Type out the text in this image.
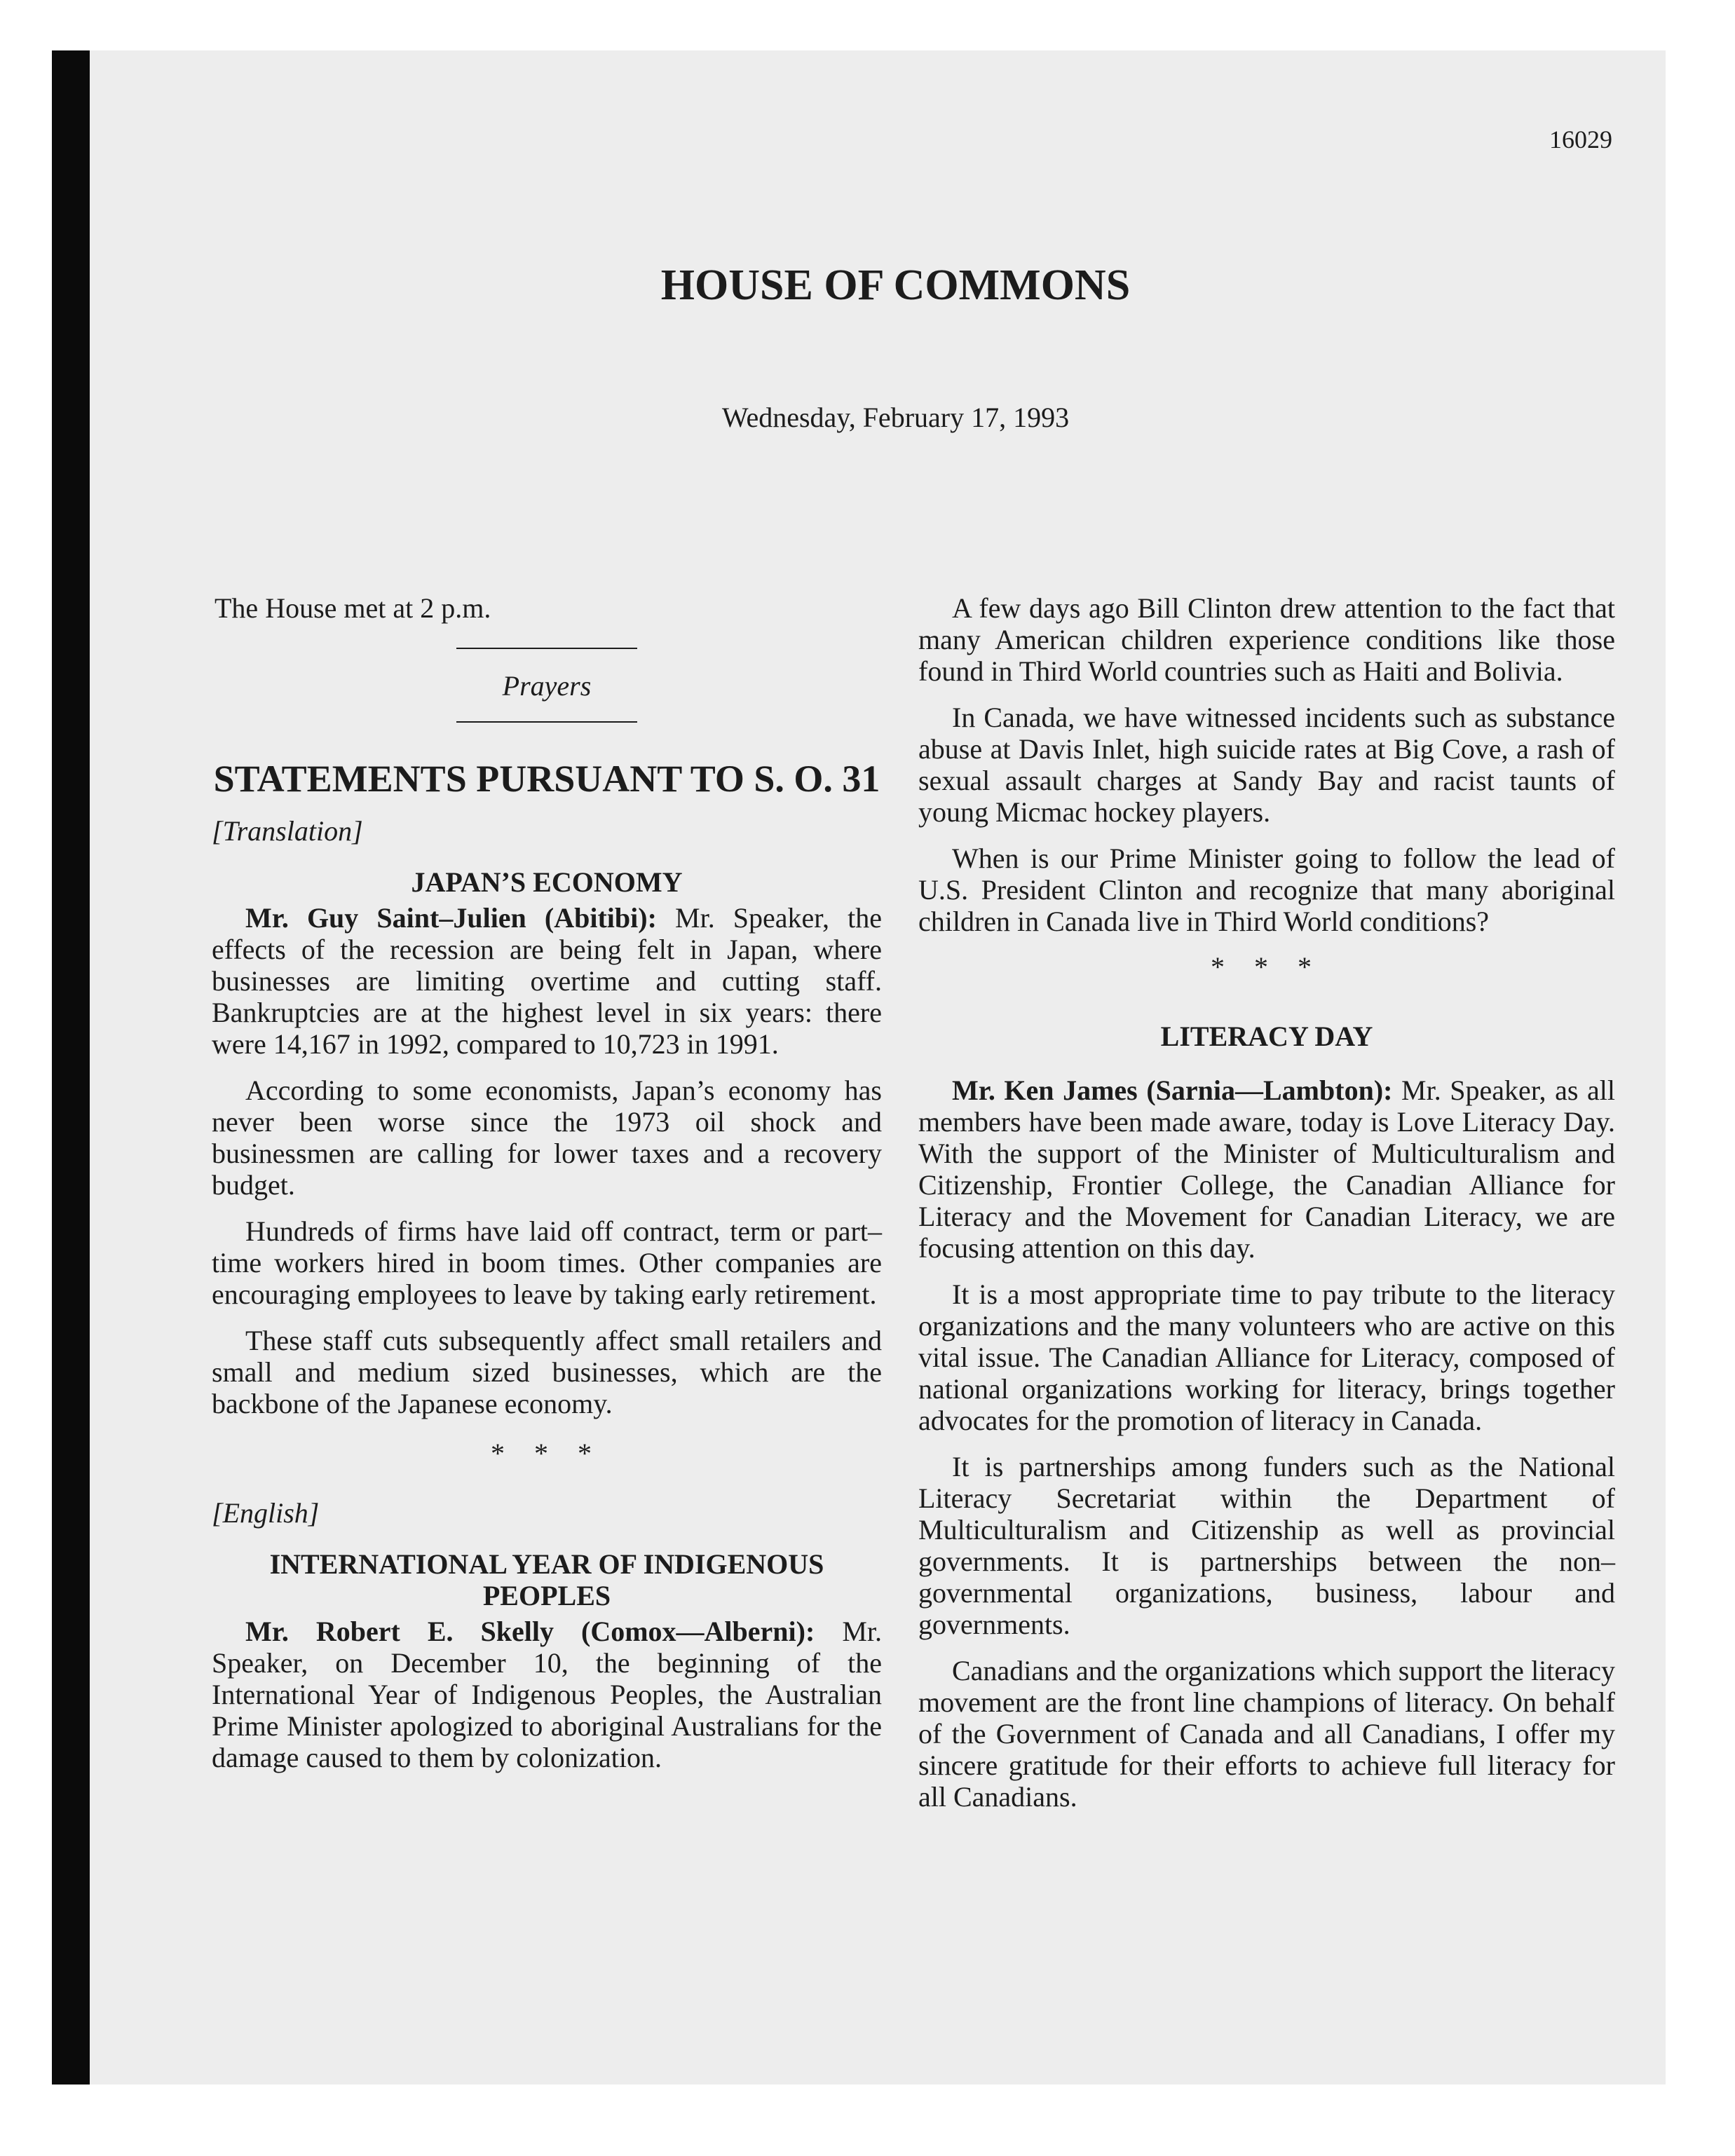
16029
HOUSE OF COMMONS
Wednesday, February 17, 1993

The House met at 2 p.m.

Prayers

STATEMENTS PURSUANT TO S. O. 31

[Translation]

JAPAN’S ECONOMY

Mr. Guy Saint–Julien (Abitibi): Mr. Speaker, the effects of the recession are being felt in Japan, where businesses are limiting overtime and cutting staff. Bankruptcies are at the highest level in six years: there were 14,167 in 1992, compared to 10,723 in 1991.

According to some economists, Japan’s economy has never been worse since the 1973 oil shock and businessmen are calling for lower taxes and a recovery budget.

Hundreds of firms have laid off contract, term or part–time workers hired in boom times. Other companies are encouraging employees to leave by taking early retirement.

These staff cuts subsequently affect small retailers and small and medium sized businesses, which are the backbone of the Japanese economy.

* * *

[English]

INTERNATIONAL YEAR OF INDIGENOUS PEOPLES

Mr. Robert E. Skelly (Comox—Alberni): Mr. Speaker, on December 10, the beginning of the International Year of Indigenous Peoples, the Australian Prime Minister apologized to aboriginal Australians for the damage caused to them by colonization.

A few days ago Bill Clinton drew attention to the fact that many American children experience conditions like those found in Third World countries such as Haiti and Bolivia.

In Canada, we have witnessed incidents such as substance abuse at Davis Inlet, high suicide rates at Big Cove, a rash of sexual assault charges at Sandy Bay and racist taunts of young Micmac hockey players.

When is our Prime Minister going to follow the lead of U.S. President Clinton and recognize that many aboriginal children in Canada live in Third World conditions?

* * *

LITERACY DAY

Mr. Ken James (Sarnia—Lambton): Mr. Speaker, as all members have been made aware, today is Love Literacy Day. With the support of the Minister of Multiculturalism and Citizenship, Frontier College, the Canadian Alliance for Literacy and the Movement for Canadian Literacy, we are focusing attention on this day.

It is a most appropriate time to pay tribute to the literacy organizations and the many volunteers who are active on this vital issue. The Canadian Alliance for Literacy, composed of national organizations working for literacy, brings together advocates for the promotion of literacy in Canada.

It is partnerships among funders such as the National Literacy Secretariat within the Department of Multiculturalism and Citizenship as well as provincial governments. It is partnerships between the non–governmental organizations, business, labour and governments.

Canadians and the organizations which support the literacy movement are the front line champions of literacy. On behalf of the Government of Canada and all Canadians, I offer my sincere gratitude for their efforts to achieve full literacy for all Canadians.
